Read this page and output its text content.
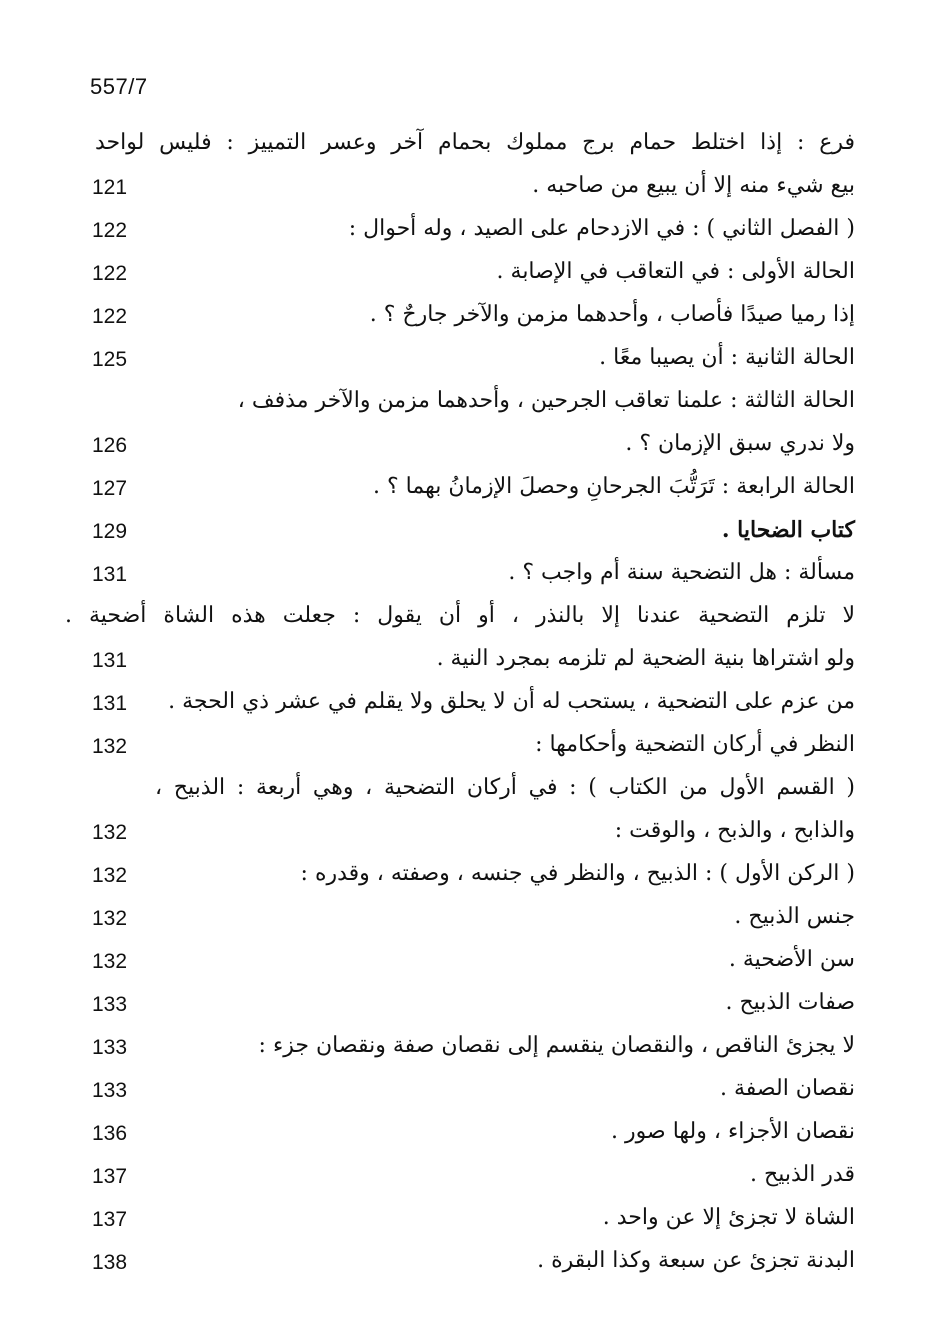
557/7
فرع : إذا اختلط حمام برج مملوك بحمام آخر وعسر التمييز : فليس لواحد
بيع شيء منه إلا أن يبيع من صاحبه .
121
( الفصل الثاني ) : في الازدحام على الصيد ، وله أحوال :
122
الحالة الأولى : في التعاقب في الإصابة .
122
إذا رميا صيدًا فأصاب ، وأحدهما مزمن والآخر جارحٌ ؟ .
122
الحالة الثانية : أن يصيبا معًا .
125
الحالة الثالثة : علمنا تعاقب الجرحين ، وأحدهما مزمن والآخر مذفف ،
ولا ندري سبق الإزمان ؟ .
126
الحالة الرابعة : تَرَتُّبَ الجرحانِ وحصلَ الإزمانُ بهما ؟ .
127
كتاب الضحايا .
129
مسألة : هل التضحية سنة أم واجب ؟ .
131
لا تلزم التضحية عندنا إلا بالنذر ، أو أن يقول : جعلت هذه الشاة أضحية .
ولو اشتراها بنية الضحية لم تلزمه بمجرد النية .
131
من عزم على التضحية ، يستحب له أن لا يحلق ولا يقلم في عشر ذي الحجة .
131
النظر في أركان التضحية وأحكامها :
132
( القسم الأول من الكتاب ) : في أركان التضحية ، وهي أربعة : الذبيح ،
والذابح ، والذبح ، والوقت :
132
( الركن الأول ) : الذبيح ، والنظر في جنسه ، وصفته ، وقدره :
132
جنس الذبيح .
132
سن الأضحية .
132
صفات الذبيح .
133
لا يجزئ الناقص ، والنقصان ينقسم إلى نقصان صفة ونقصان جزء :
133
نقصان الصفة .
133
نقصان الأجزاء ، ولها صور .
136
قدر الذبيح .
137
الشاة لا تجزئ إلا عن واحد .
137
البدنة تجزئ عن سبعة وكذا البقرة .
138
